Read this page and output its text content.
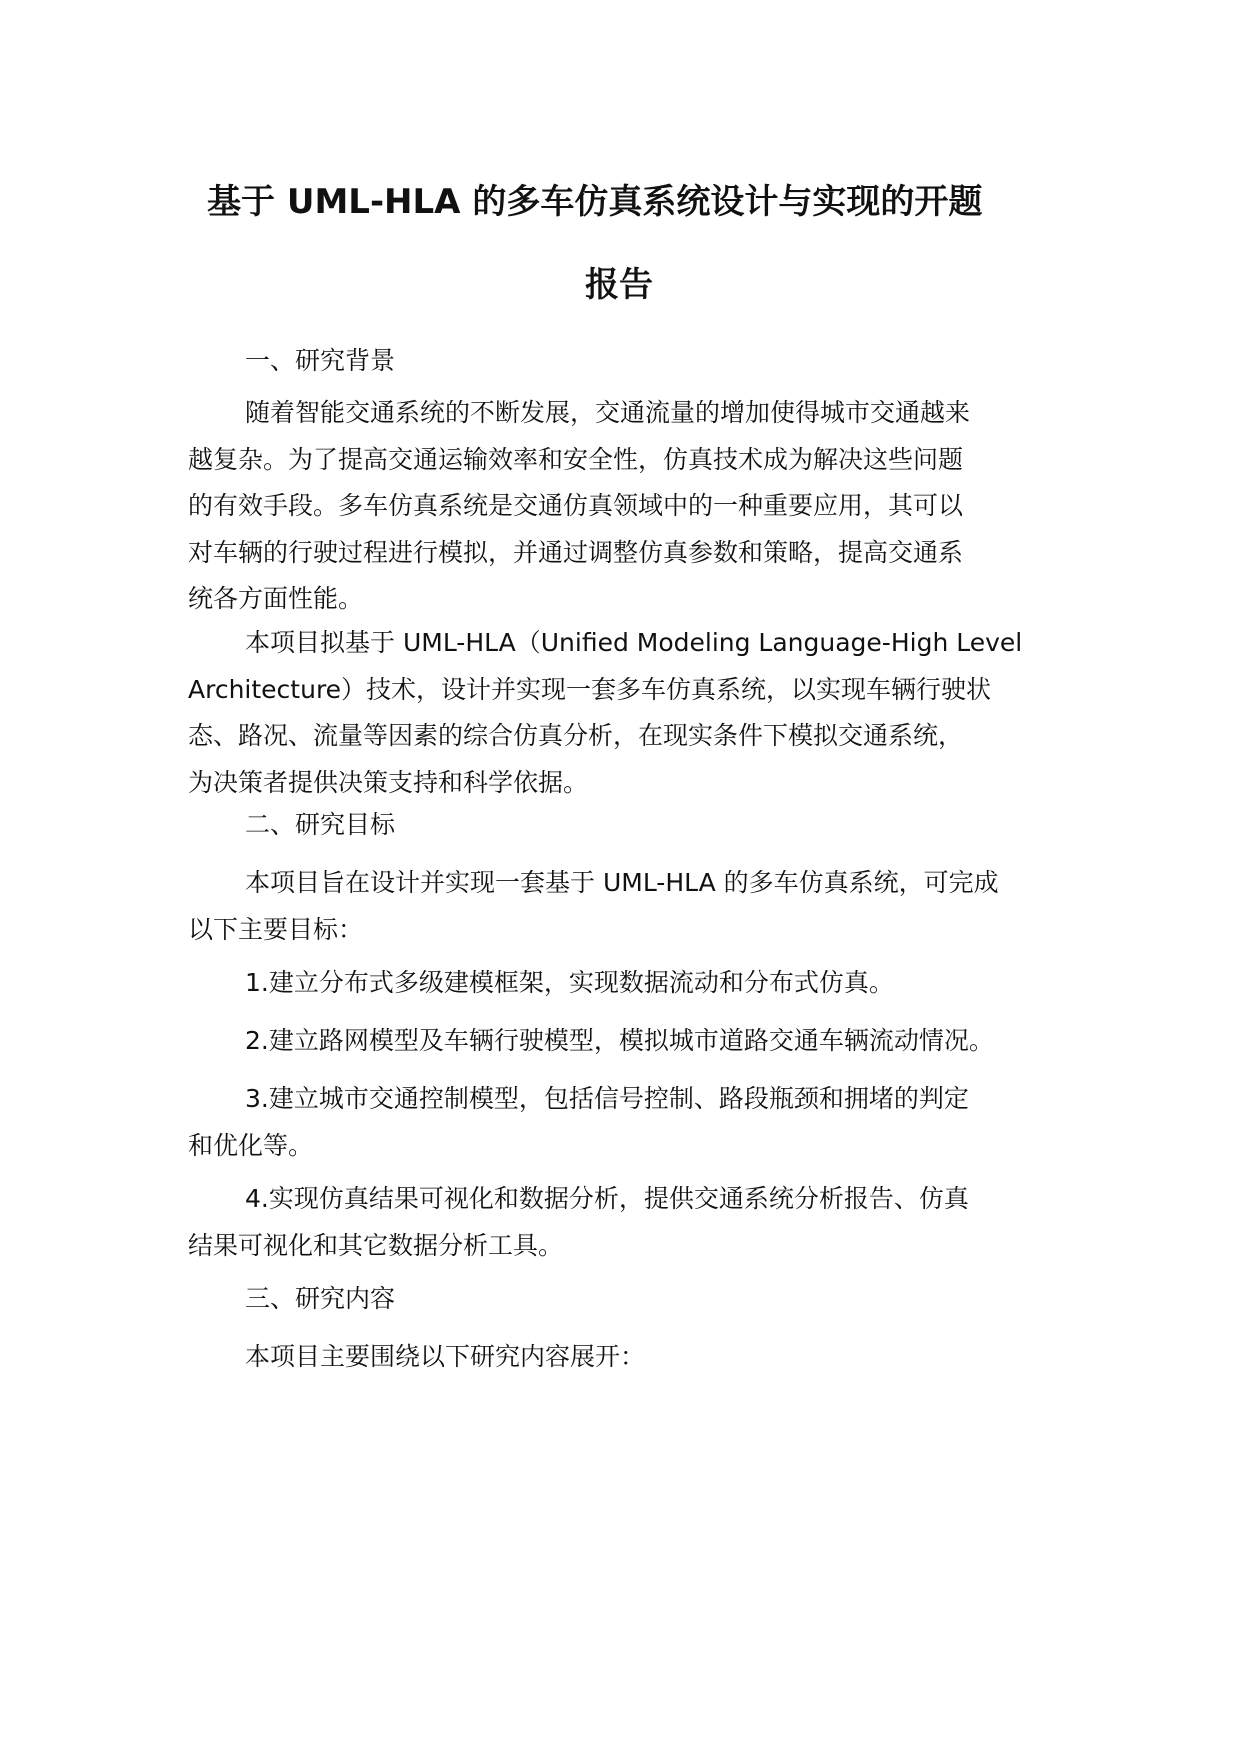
基于 UML-HLA 的多车仿真系统设计与实现的开题
报告
一、研究背景

随着智能交通系统的不断发展，交通流量的增加使得城市交通越来
越复杂。为了提高交通运输效率和安全性，仿真技术成为解决这些问题
的有效手段。多车仿真系统是交通仿真领域中的一种重要应用，其可以
对车辆的行驶过程进行模拟，并通过调整仿真参数和策略，提高交通系
统各方面性能。

本项目拟基于 UML-HLA（Unified Modeling Language-High Level
Architecture）技术，设计并实现一套多车仿真系统，以实现车辆行驶状
态、路况、流量等因素的综合仿真分析，在现实条件下模拟交通系统，
为决策者提供决策支持和科学依据。

二、研究目标

本项目旨在设计并实现一套基于 UML-HLA 的多车仿真系统，可完成
以下主要目标：

1.建立分布式多级建模框架，实现数据流动和分布式仿真。

2.建立路网模型及车辆行驶模型，模拟城市道路交通车辆流动情况。

3.建立城市交通控制模型，包括信号控制、路段瓶颈和拥堵的判定
和优化等。

4.实现仿真结果可视化和数据分析，提供交通系统分析报告、仿真
结果可视化和其它数据分析工具。

三、研究内容

本项目主要围绕以下研究内容展开：
